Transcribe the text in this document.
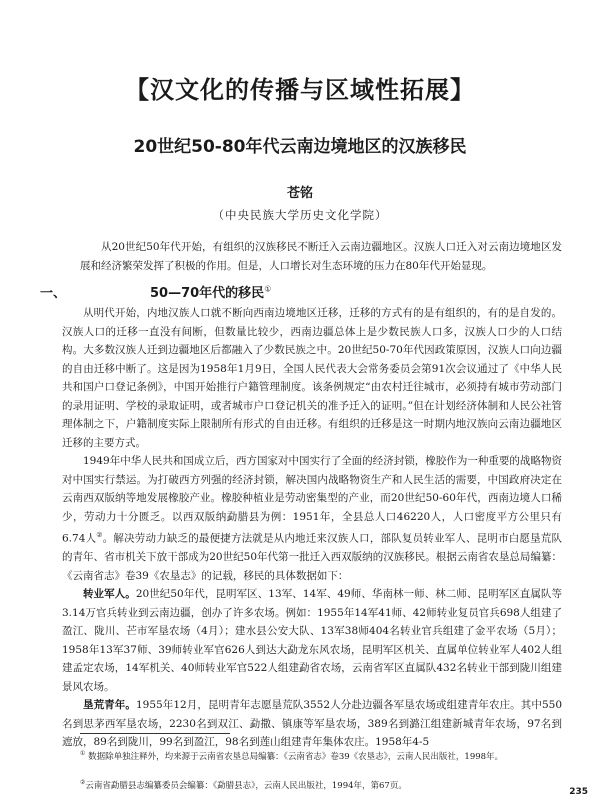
【汉文化的传播与区域性拓展】
20世纪50-80年代云南边境地区的汉族移民
苍铭
（中央民族大学历史文化学院）
从20世纪50年代开始，有组织的汉族移民不断迁入云南边疆地区。汉族人口迁入对云南边境地区发展和经济繁荣发挥了积极的作用。但是，人口增长对生态环境的压力在80年代开始显现。
一、	50—70年代的移民①

从明代开始，内地汉族人口就不断向西南边境地区迁移，迁移的方式有的是有组织的，有的是自发的。汉族人口的迁移一直没有间断，但数量比较少，西南边疆总体上是少数民族人口多，汉族人口少的人口结构。大多数汉族人迁到边疆地区后都融入了少数民族之中。20世纪50-70年代因政策原因，汉族人口向边疆的自由迁移中断了。这是因为1958年1月9日，全国人民代表大会常务委员会第91次会议通过了《中华人民共和国户口登记条例》，中国开始推行户籍管理制度。该条例规定“由农村迁往城市，必须持有城市劳动部门的录用证明、学校的录取证明，或者城市户口登记机关的准予迁入的证明。”但在计划经济体制和人民公社管理体制之下，户籍制度实际上限制所有形式的自由迁移。有组织的迁移是这一时期内地汉族向云南边疆地区迁移的主要方式。

1949年中华人民共和国成立后，西方国家对中国实行了全面的经济封锁，橡胶作为一种重要的战略物资对中国实行禁运。为打破西方列强的经济封锁，解决国内战略物资生产和人民生活的需要，中国政府决定在云南西双版纳等地发展橡胶产业。橡胶种植业是劳动密集型的产业，而20世纪50-60年代，西南边境人口稀少，劳动力十分匮乏。以西双版纳勐腊县为例：1951年，全县总人口46220人，人口密度平方公里只有6.74人②。解决劳动力缺乏的最便捷方法就是从内地迁来汉族人口，部队复员转业军人、昆明市白愿垦荒队的青年、省市机关下放干部成为20世纪50年代第一批迁入西双版纳的汉族移民。根据云南省农垦总局编纂：《云南省志》卷39《农垦志》的记载，移民的具体数据如下：

转业军人。20世纪50年代，昆明军区、13军、14军、49师、华南林一师、林二师、昆明军区直属队等3.14万官兵转业到云南边疆，创办了许多农场。例如：1955年14军41师、42师转业复员官兵698人组建了盈江、陇川、芒市军垦农场（4月）；建水县公安大队、13军38师404名转业官兵组建了金平农场（5月）；1958年13军37师、39师转业军官626人到达大勐龙东风农场，昆明军区机关、直属单位转业军人402人组建孟定农场，14军机关、40师转业军官522人组建勐省农场，云南省军区直属队432名转业干部到陇川组建景风农场。

垦荒青年。1955年12月，昆明青年志愿垦荒队3552人分赴边疆各军垦农场或组建青年农庄。其中550名到思茅西军垦农场，2230名到双江、勐撒、镇康等军垦农场，389名到潞江组建新城青年农场，97名到遮放，89名到陇川，99名到盈江，98名到莲山组建青年集体农庄。1958年4-5

① 数据除单独注释外，均来源于云南省农垦总局编纂：《云南省志》卷39《农垦志》，云南人民出版社，1998年。
②云南省勐腊县志编纂委员会编纂：《勐腊县志》，云南人民出版社，1994年，第67页。
235
